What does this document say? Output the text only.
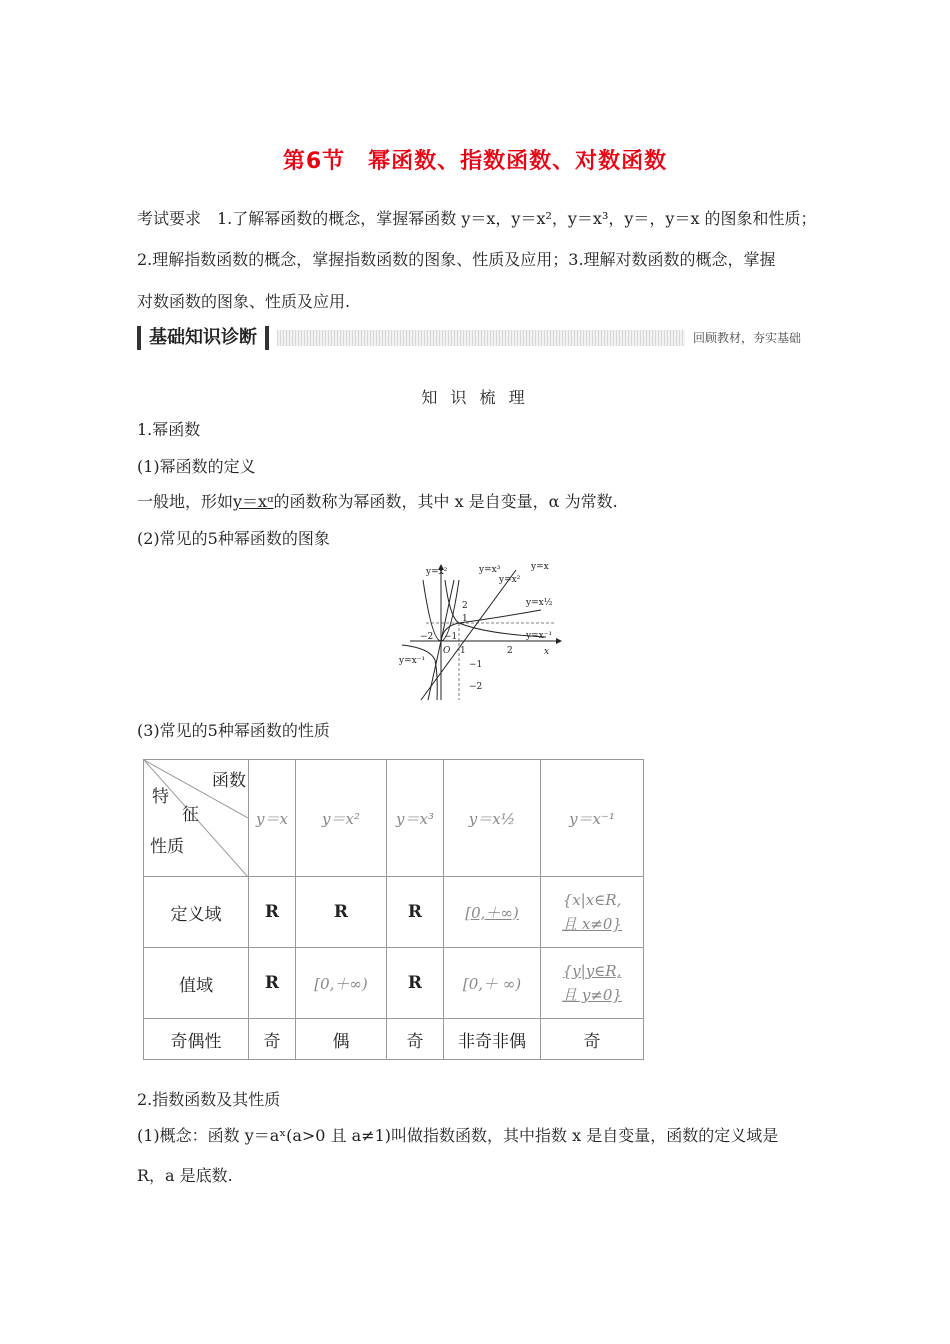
第6节　幂函数、指数函数、对数函数
考试要求　1.了解幂函数的概念，掌握幂函数 y＝x，y＝x²，y＝x³，y＝，y＝x 的图象和性质；
2.理解指数函数的概念，掌握指数函数的图象、性质及应用；3.理解对数函数的概念，掌握
对数函数的图象、性质及应用.
基础知识诊断	回顾教材，夯实基础
知 识 梳 理
1.幂函数
(1)幂函数的定义
一般地，形如y＝xᵅ的函数称为幂函数，其中 x 是自变量，α 为常数.
(2)常见的5种幂函数的图象
y=x²	y=x³	y=x
y=x²
y=x½
y=x⁻¹
y=x⁻¹
x
O
−2 −1
1	2
2
1
−1
−2
(3)常见的5种幂函数的性质
函数
特
征
性质	y＝x	y＝x²	y＝x³	y＝x½	y＝x⁻¹
定义域	R	R	R	[0,＋∞)	{x|x∈R,
且 x≠0}

值域	R	[0,＋∞)	R	[0,＋ ∞)	{y|y∈R,
且 y≠0}

奇偶性	奇	偶	奇	非奇非偶	奇
2.指数函数及其性质
(1)概念：函数 y＝aˣ(a>0 且 a≠1)叫做指数函数，其中指数 x 是自变量，函数的定义域是
R，a 是底数.
